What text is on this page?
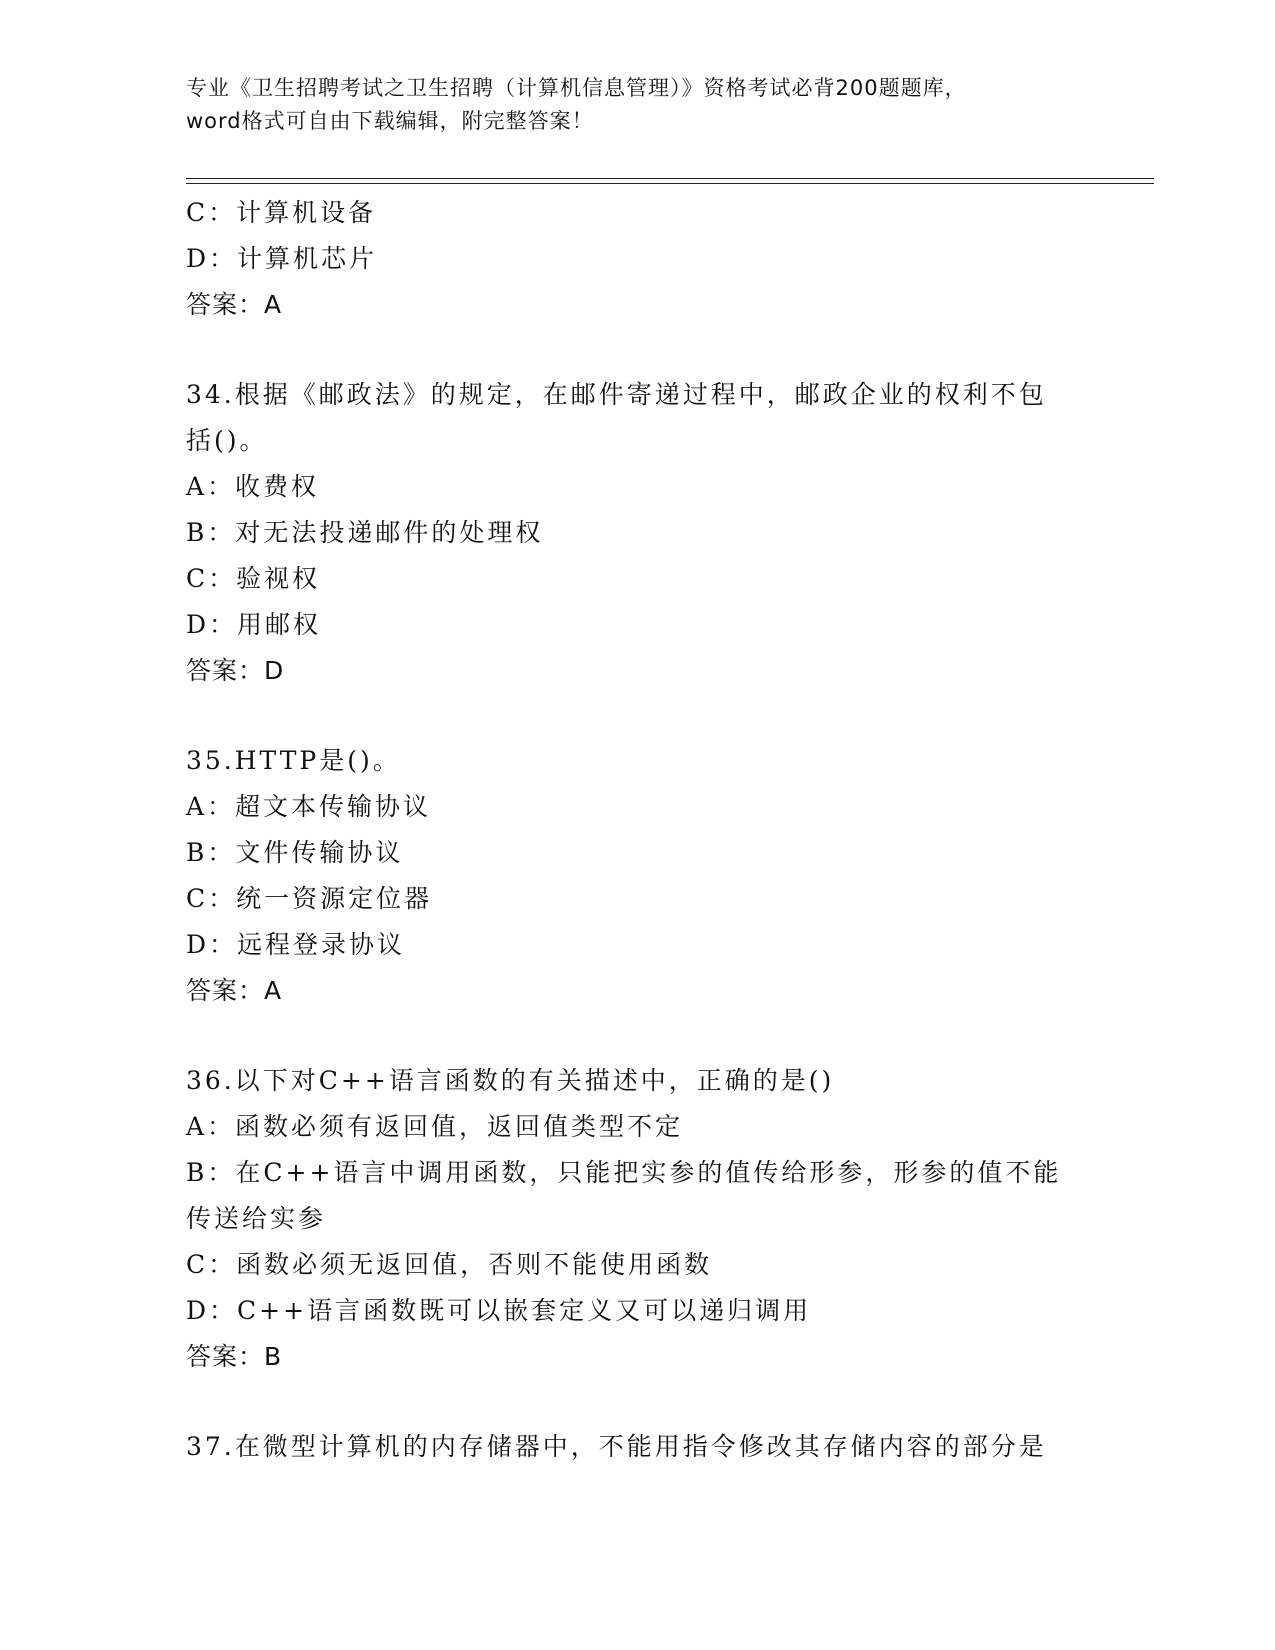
专业《卫生招聘考试之卫生招聘（计算机信息管理）》资格考试必背200题题库，
word格式可自由下载编辑，附完整答案！
C：计算机设备
D：计算机芯片
答案：A
34.根据《邮政法》的规定，在邮件寄递过程中，邮政企业的权利不包
括()。
A：收费权
B：对无法投递邮件的处理权
C：验视权
D：用邮权
答案：D
35.HTTP是()。
A：超文本传输协议
B：文件传输协议
C：统一资源定位器
D：远程登录协议
答案：A
36.以下对C++语言函数的有关描述中，正确的是()
A：函数必须有返回值，返回值类型不定
B：在C++语言中调用函数，只能把实参的值传给形参，形参的值不能
传送给实参
C：函数必须无返回值，否则不能使用函数
D：C++语言函数既可以嵌套定义又可以递归调用
答案：B
37.在微型计算机的内存储器中，不能用指令修改其存储内容的部分是
